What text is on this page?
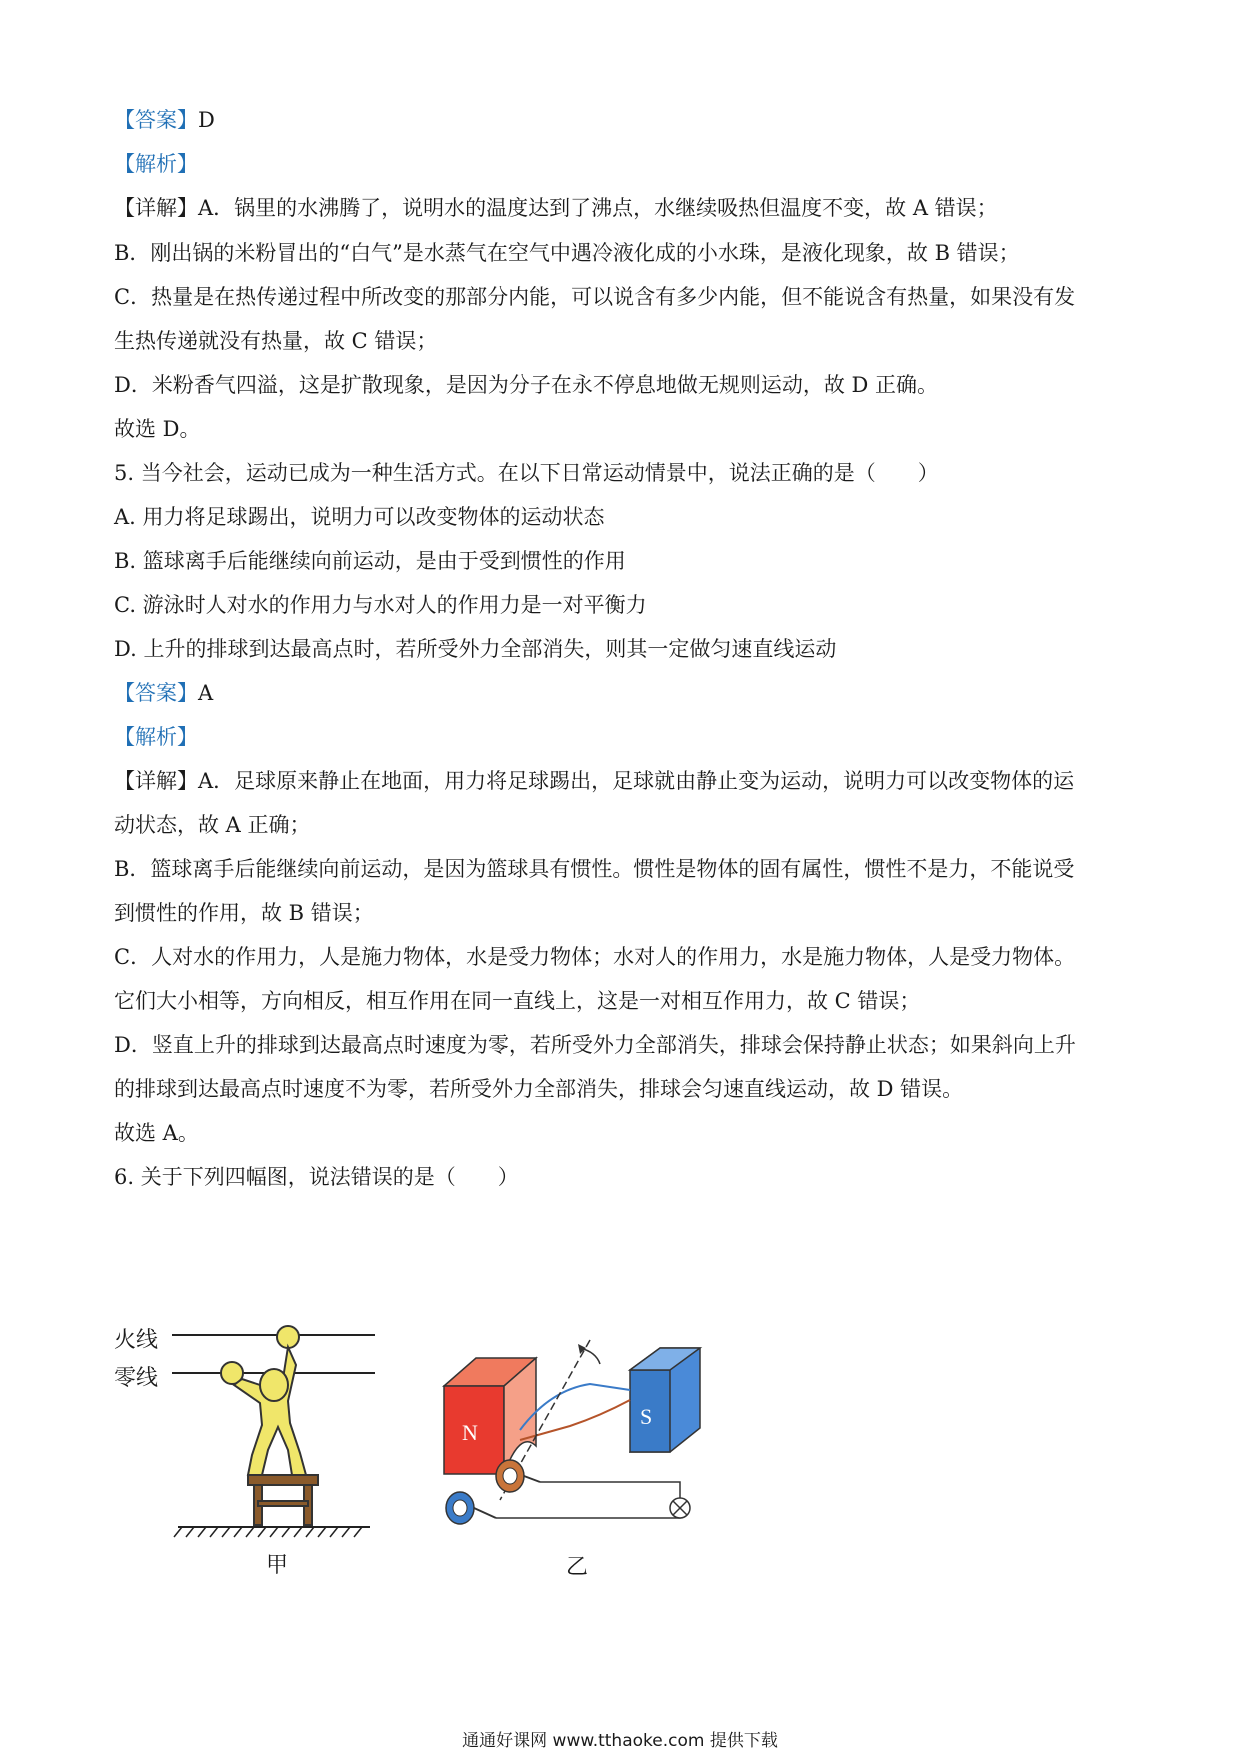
【答案】D
【解析】
【详解】A．锅里的水沸腾了，说明水的温度达到了沸点，水继续吸热但温度不变，故 A 错误；
B．刚出锅的米粉冒出的“白气”是水蒸气在空气中遇冷液化成的小水珠，是液化现象，故 B 错误；
C．热量是在热传递过程中所改变的那部分内能，可以说含有多少内能，但不能说含有热量，如果没有发
生热传递就没有热量，故 C 错误；
D．米粉香气四溢，这是扩散现象，是因为分子在永不停息地做无规则运动，故 D 正确。
故选 D。
5. 当今社会，运动已成为一种生活方式。在以下日常运动情景中，说法正确的是（　　）
A. 用力将足球踢出，说明力可以改变物体的运动状态
B. 篮球离手后能继续向前运动，是由于受到惯性的作用
C. 游泳时人对水的作用力与水对人的作用力是一对平衡力
D. 上升的排球到达最高点时，若所受外力全部消失，则其一定做匀速直线运动
【答案】A
【解析】
【详解】A．足球原来静止在地面，用力将足球踢出，足球就由静止变为运动，说明力可以改变物体的运
动状态，故 A 正确；
B．篮球离手后能继续向前运动，是因为篮球具有惯性。惯性是物体的固有属性，惯性不是力，不能说受
到惯性的作用，故 B 错误；
C．人对水的作用力，人是施力物体，水是受力物体；水对人的作用力，水是施力物体，人是受力物体。
它们大小相等，方向相反，相互作用在同一直线上，这是一对相互作用力，故 C 错误；
D．竖直上升的排球到达最高点时速度为零，若所受外力全部消失，排球会保持静止状态；如果斜向上升
的排球到达最高点时速度不为零，若所受外力全部消失，排球会匀速直线运动，故 D 错误。
故选 A。
6. 关于下列四幅图，说法错误的是（　　）
火线
零线
甲
N
S
乙
通通好课网 www.tthaoke.com 提供下载
